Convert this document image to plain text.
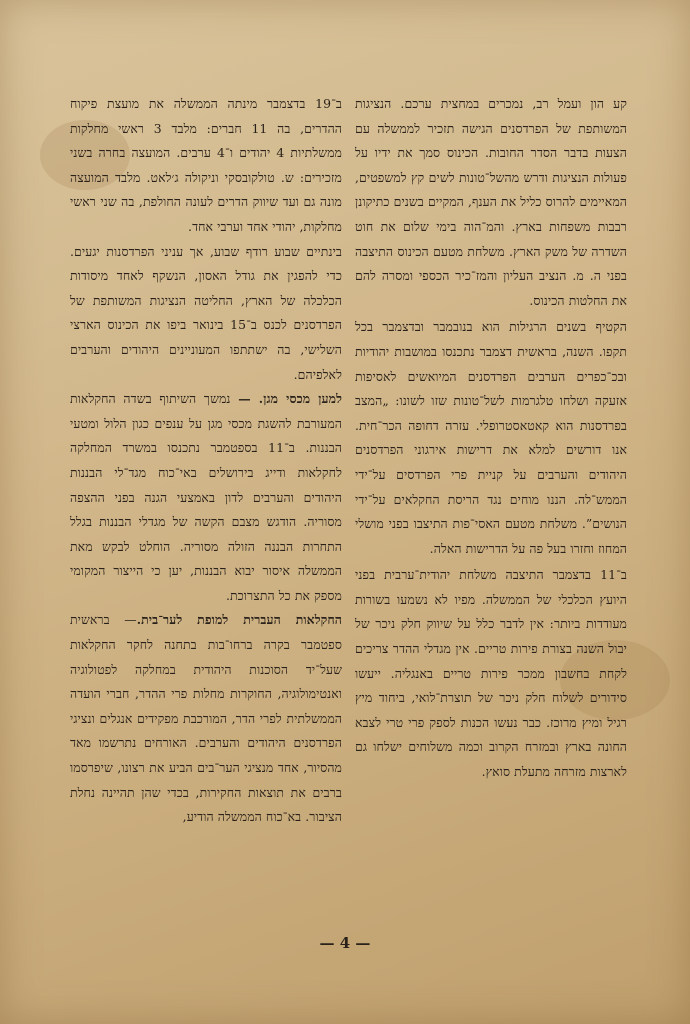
קע הון ועמל רב, נמכרים במחצית ערכם. הנציגות המשותפת של הפרדסנים הגישה תזכיר לממשלה עם הצעות בדבר הסדר החובות. הכינוס סמך את ידיו על פעולות הנציגות ודרש מהשל־טונות לשים קץ למשפטים, המאיימים להרוס כליל את הענף, המקיים בשנים כתיקונן רבבות משפחות בארץ. והמ־הוה בימי שלום את חוט השדרה של משק הארץ. משלחת מטעם הכינוס התיצבה בפני ה. מ. הנציב העליון והמז־כיר הכספי ומסרה להם את החלטות הכינוס.

הקטיף בשנים הרגילות הוא בנובמבר ובדצמבר בכל תקפו. השנה, בראשית דצמבר נתכנסו במושבות יהודיות ובכ־כפרים הערבים הפרדסנים המיואשים לאסיפות אזעקה ושלחו טלגרמות לשל־טונות שזו לשונו: „המצב בפרדסנות הוא קאטאסטרופלי. עזרה דחופה הכר־חית. אנו דורשים למלא את דרישות אירגוני הפרדסנים היהודים והערבים על קניית פרי הפרדסים על־ידי הממש־לה. הננו מוחים נגד הריסת החקלאים על־ידי הנושים”. משלחת מטעם האסי־פות התיצבו בפני מושלי המחוז וחזרו בעל פה על הדרישות האלה.

ב־11 בדצמבר התיצבה משלחת יהודית־ערבית בפני היועץ הכלכלי של הממשלה. מפיו לא נשמעו בשורות מעודדות ביותר: אין לדבר כלל על שיווק חלק ניכר של יבול השנה בצורת פירות טריים. אין מגדלי ההדר צריכים לקחת בחשבון ממכר פירות טריים באנגליה. ייעשו סידורים לשלוח חלק ניכר של תוצרת־לואי, ביחוד מיץ רגיל ומיץ מרוכז. כבר נעשו הכנות לספק פרי טרי לצבא החונה בארץ ובמזרח הקרוב וכמה משלוחים ישלחו גם לארצות מזרחה מתעלת סואץ.

ב־19 בדצמבר מינתה הממשלה את מועצת פיקוח ההדרים, בה 11 חברים: מלבד 3 ראשי מחלקות ממשלתיות 4 יהודים ו־4 ערבים. המועצה בחרה בשני מזכירים: ש. טולקובסקי וניקולה ג׳לאט. מלבד המועצה מונה גם ועד שיווק הדרים לעונה החולפת, בה שני ראשי מחלקות, יהודי אחד וערבי אחד.

בינתיים שבוע רודף שבוע, אך עניני הפרדסנות יגעים. כדי להפגין את גודל האסון, הנשקף לאחד מיסודות הכלכלה של הארץ, החליטה הנציגות המשותפת של הפרדסנים לכנס ב־15 בינואר ביפו את הכינוס הארצי השלישי, בה ישתתפו המעוניינים היהודים והערבים לאלפיהם.

למען מכסי מגן. — נמשך השיתוף בשדה החקלאות המעורבת להשגת מכסי מגן על ענפים כגון הלול ומטעי הבננות. ב־11 בספטמבר נתכנסו במשרד המחלקה לחקלאות ודייג בירושלים באי־כוח מגד־לי הבננות היהודים והערבים לדון באמצעי הגנה בפני ההצפה מסוריה. הודגש מצבם הקשה של מגדלי הבננות בגלל התחרות הבננה הזולה מסוריה. הוחלט לבקש מאת הממשלה איסור יבוא הבננות, יען כי הייצור המקומי מספק את כל התצרוכת.

החקלאות העברית למופת לער־בית.— בראשית ספטמבר בקרה ברחו־בות בתחנה לחקר החקלאות שעל־יד הסוכנות היהודית במחלקה לפטולוגיה ואנטימולוגיה, החוקרות מחלות פרי ההדר, חברי הועדה הממשלתית לפרי הדר, המורכבת מפקידים אנגלים ונציגי הפרדסנים היהודים והערבים. האורחים נתרשמו מאד מהסיור, אחד מנציגי הער־בים הביע את רצונו, שיפרסמו ברבים את תוצאות החקירות, בכדי שהן תהיינה נחלת הציבור. בא־כוח הממשלה הודיע,

— 4 —
